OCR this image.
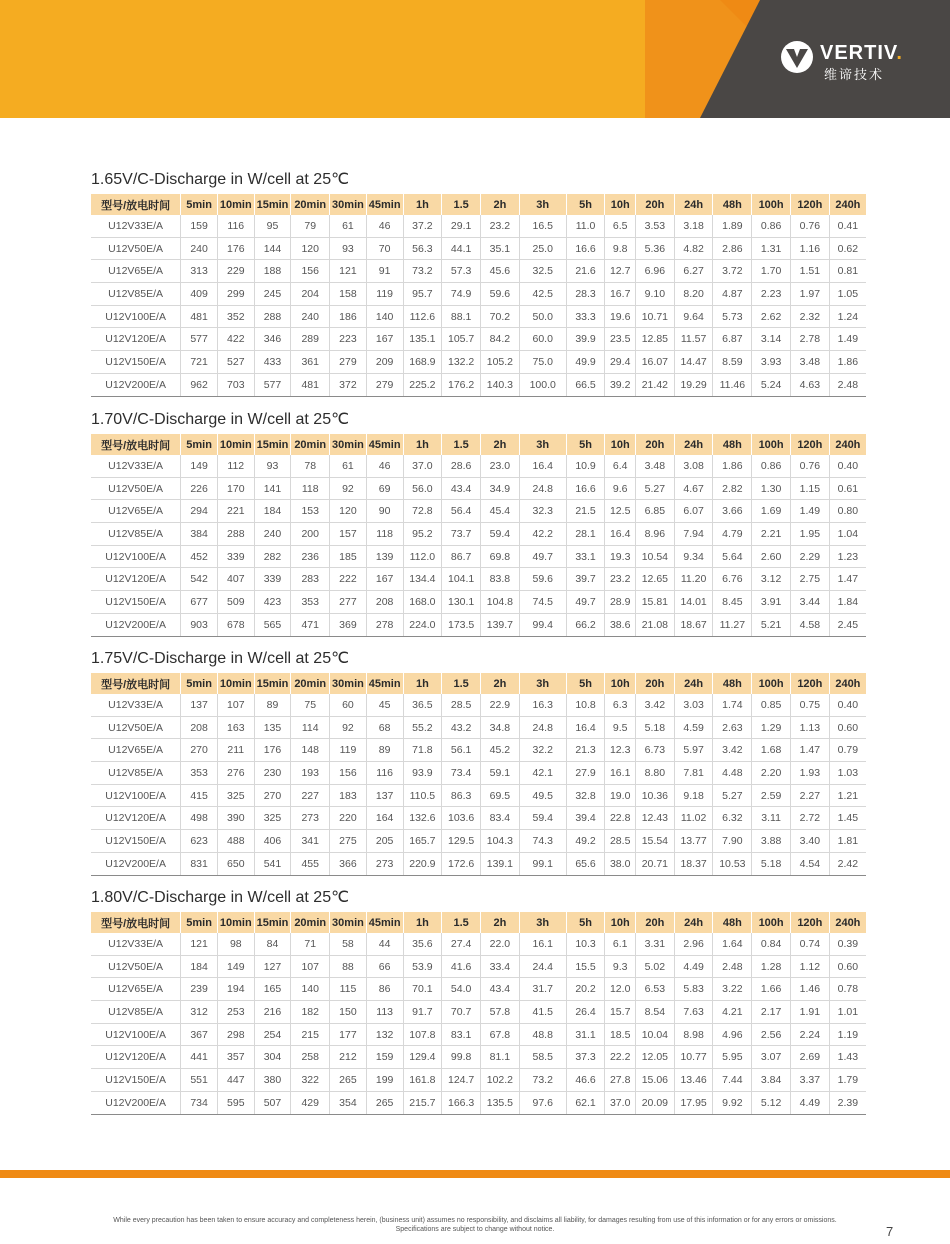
VERTIV.
维谛技术
1.65V/C-Discharge in W/cell at 25℃
型号/放电时间	5min	10min	15min	20min	30min	45min	1h	1.5	2h	3h	5h	10h	20h	24h	48h	100h	120h	240h
U12V33E/A	159	116	95	79	61	46	37.2	29.1	23.2	16.5	11.0	6.5	3.53	3.18	1.89	0.86	0.76	0.41
U12V50E/A	240	176	144	120	93	70	56.3	44.1	35.1	25.0	16.6	9.8	5.36	4.82	2.86	1.31	1.16	0.62
U12V65E/A	313	229	188	156	121	91	73.2	57.3	45.6	32.5	21.6	12.7	6.96	6.27	3.72	1.70	1.51	0.81
U12V85E/A	409	299	245	204	158	119	95.7	74.9	59.6	42.5	28.3	16.7	9.10	8.20	4.87	2.23	1.97	1.05
U12V100E/A	481	352	288	240	186	140	112.6	88.1	70.2	50.0	33.3	19.6	10.71	9.64	5.73	2.62	2.32	1.24
U12V120E/A	577	422	346	289	223	167	135.1	105.7	84.2	60.0	39.9	23.5	12.85	11.57	6.87	3.14	2.78	1.49
U12V150E/A	721	527	433	361	279	209	168.9	132.2	105.2	75.0	49.9	29.4	16.07	14.47	8.59	3.93	3.48	1.86
U12V200E/A	962	703	577	481	372	279	225.2	176.2	140.3	100.0	66.5	39.2	21.42	19.29	11.46	5.24	4.63	2.48
1.70V/C-Discharge in W/cell at 25℃
型号/放电时间	5min	10min	15min	20min	30min	45min	1h	1.5	2h	3h	5h	10h	20h	24h	48h	100h	120h	240h
U12V33E/A	149	112	93	78	61	46	37.0	28.6	23.0	16.4	10.9	6.4	3.48	3.08	1.86	0.86	0.76	0.40
U12V50E/A	226	170	141	118	92	69	56.0	43.4	34.9	24.8	16.6	9.6	5.27	4.67	2.82	1.30	1.15	0.61
U12V65E/A	294	221	184	153	120	90	72.8	56.4	45.4	32.3	21.5	12.5	6.85	6.07	3.66	1.69	1.49	0.80
U12V85E/A	384	288	240	200	157	118	95.2	73.7	59.4	42.2	28.1	16.4	8.96	7.94	4.79	2.21	1.95	1.04
U12V100E/A	452	339	282	236	185	139	112.0	86.7	69.8	49.7	33.1	19.3	10.54	9.34	5.64	2.60	2.29	1.23
U12V120E/A	542	407	339	283	222	167	134.4	104.1	83.8	59.6	39.7	23.2	12.65	11.20	6.76	3.12	2.75	1.47
U12V150E/A	677	509	423	353	277	208	168.0	130.1	104.8	74.5	49.7	28.9	15.81	14.01	8.45	3.91	3.44	1.84
U12V200E/A	903	678	565	471	369	278	224.0	173.5	139.7	99.4	66.2	38.6	21.08	18.67	11.27	5.21	4.58	2.45
1.75V/C-Discharge in W/cell at 25℃
型号/放电时间	5min	10min	15min	20min	30min	45min	1h	1.5	2h	3h	5h	10h	20h	24h	48h	100h	120h	240h
U12V33E/A	137	107	89	75	60	45	36.5	28.5	22.9	16.3	10.8	6.3	3.42	3.03	1.74	0.85	0.75	0.40
U12V50E/A	208	163	135	114	92	68	55.2	43.2	34.8	24.8	16.4	9.5	5.18	4.59	2.63	1.29	1.13	0.60
U12V65E/A	270	211	176	148	119	89	71.8	56.1	45.2	32.2	21.3	12.3	6.73	5.97	3.42	1.68	1.47	0.79
U12V85E/A	353	276	230	193	156	116	93.9	73.4	59.1	42.1	27.9	16.1	8.80	7.81	4.48	2.20	1.93	1.03
U12V100E/A	415	325	270	227	183	137	110.5	86.3	69.5	49.5	32.8	19.0	10.36	9.18	5.27	2.59	2.27	1.21
U12V120E/A	498	390	325	273	220	164	132.6	103.6	83.4	59.4	39.4	22.8	12.43	11.02	6.32	3.11	2.72	1.45
U12V150E/A	623	488	406	341	275	205	165.7	129.5	104.3	74.3	49.2	28.5	15.54	13.77	7.90	3.88	3.40	1.81
U12V200E/A	831	650	541	455	366	273	220.9	172.6	139.1	99.1	65.6	38.0	20.71	18.37	10.53	5.18	4.54	2.42
1.80V/C-Discharge in W/cell at 25℃
型号/放电时间	5min	10min	15min	20min	30min	45min	1h	1.5	2h	3h	5h	10h	20h	24h	48h	100h	120h	240h
U12V33E/A	121	98	84	71	58	44	35.6	27.4	22.0	16.1	10.3	6.1	3.31	2.96	1.64	0.84	0.74	0.39
U12V50E/A	184	149	127	107	88	66	53.9	41.6	33.4	24.4	15.5	9.3	5.02	4.49	2.48	1.28	1.12	0.60
U12V65E/A	239	194	165	140	115	86	70.1	54.0	43.4	31.7	20.2	12.0	6.53	5.83	3.22	1.66	1.46	0.78
U12V85E/A	312	253	216	182	150	113	91.7	70.7	57.8	41.5	26.4	15.7	8.54	7.63	4.21	2.17	1.91	1.01
U12V100E/A	367	298	254	215	177	132	107.8	83.1	67.8	48.8	31.1	18.5	10.04	8.98	4.96	2.56	2.24	1.19
U12V120E/A	441	357	304	258	212	159	129.4	99.8	81.1	58.5	37.3	22.2	12.05	10.77	5.95	3.07	2.69	1.43
U12V150E/A	551	447	380	322	265	199	161.8	124.7	102.2	73.2	46.6	27.8	15.06	13.46	7.44	3.84	3.37	1.79
U12V200E/A	734	595	507	429	354	265	215.7	166.3	135.5	97.6	62.1	37.0	20.09	17.95	9.92	5.12	4.49	2.39
While every precaution has been taken to ensure accuracy and completeness herein, (business unit) assumes no responsibility, and disclaims all liability, for damages resulting from use of this information or for any errors or omissions.
Specifications are subject to change without notice.	7
